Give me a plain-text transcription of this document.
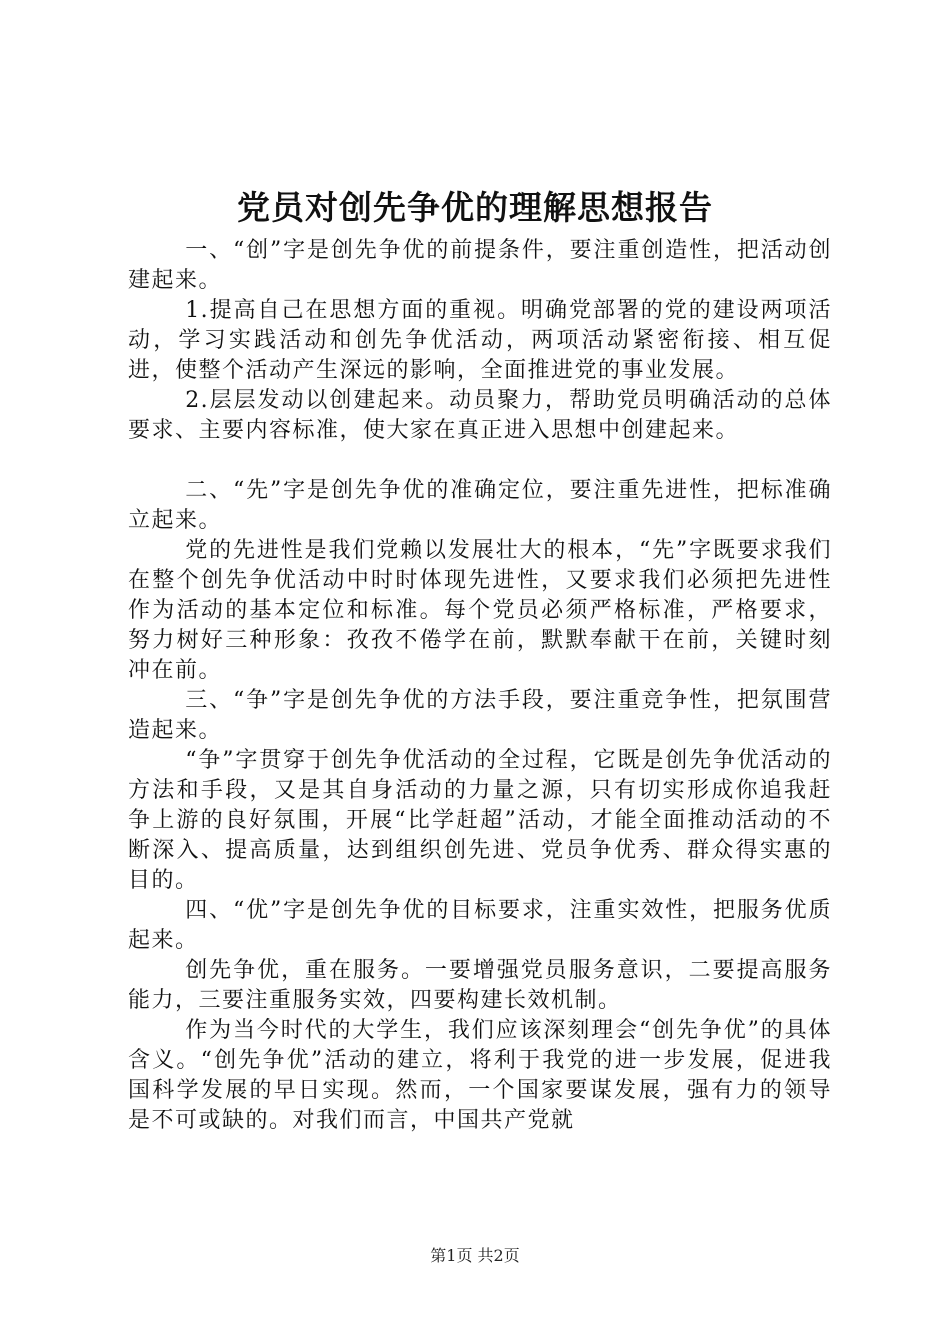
党员对创先争优的理解思想报告

一、“创”字是创先争优的前提条件，要注重创造性，把活动创建起来。

1.提高自己在思想方面的重视。明确党部署的党的建设两项活动，学习实践活动和创先争优活动，两项活动紧密衔接、相互促进，使整个活动产生深远的影响，全面推进党的事业发展。

2.层层发动以创建起来。动员聚力，帮助党员明确活动的总体要求、主要内容标准，使大家在真正进入思想中创建起来。

二、“先”字是创先争优的准确定位，要注重先进性，把标准确立起来。

党的先进性是我们党赖以发展壮大的根本，“先”字既要求我们在整个创先争优活动中时时体现先进性，又要求我们必须把先进性作为活动的基本定位和标准。每个党员必须严格标准，严格要求，努力树好三种形象：孜孜不倦学在前，默默奉献干在前，关键时刻冲在前。

三、“争”字是创先争优的方法手段，要注重竞争性，把氛围营造起来。

“争”字贯穿于创先争优活动的全过程，它既是创先争优活动的方法和手段，又是其自身活动的力量之源，只有切实形成你追我赶争上游的良好氛围，开展“比学赶超”活动，才能全面推动活动的不断深入、提高质量，达到组织创先进、党员争优秀、群众得实惠的目的。

四、“优”字是创先争优的目标要求，注重实效性，把服务优质起来。

创先争优，重在服务。一要增强党员服务意识，二要提高服务能力，三要注重服务实效，四要构建长效机制。

作为当今时代的大学生，我们应该深刻理会“创先争优”的具体含义。“创先争优”活动的建立，将利于我党的进一步发展，促进我国科学发展的早日实现。然而，一个国家要谋发展，强有力的领导是不可或缺的。对我们而言，中国共产党就

第1页 共2页
